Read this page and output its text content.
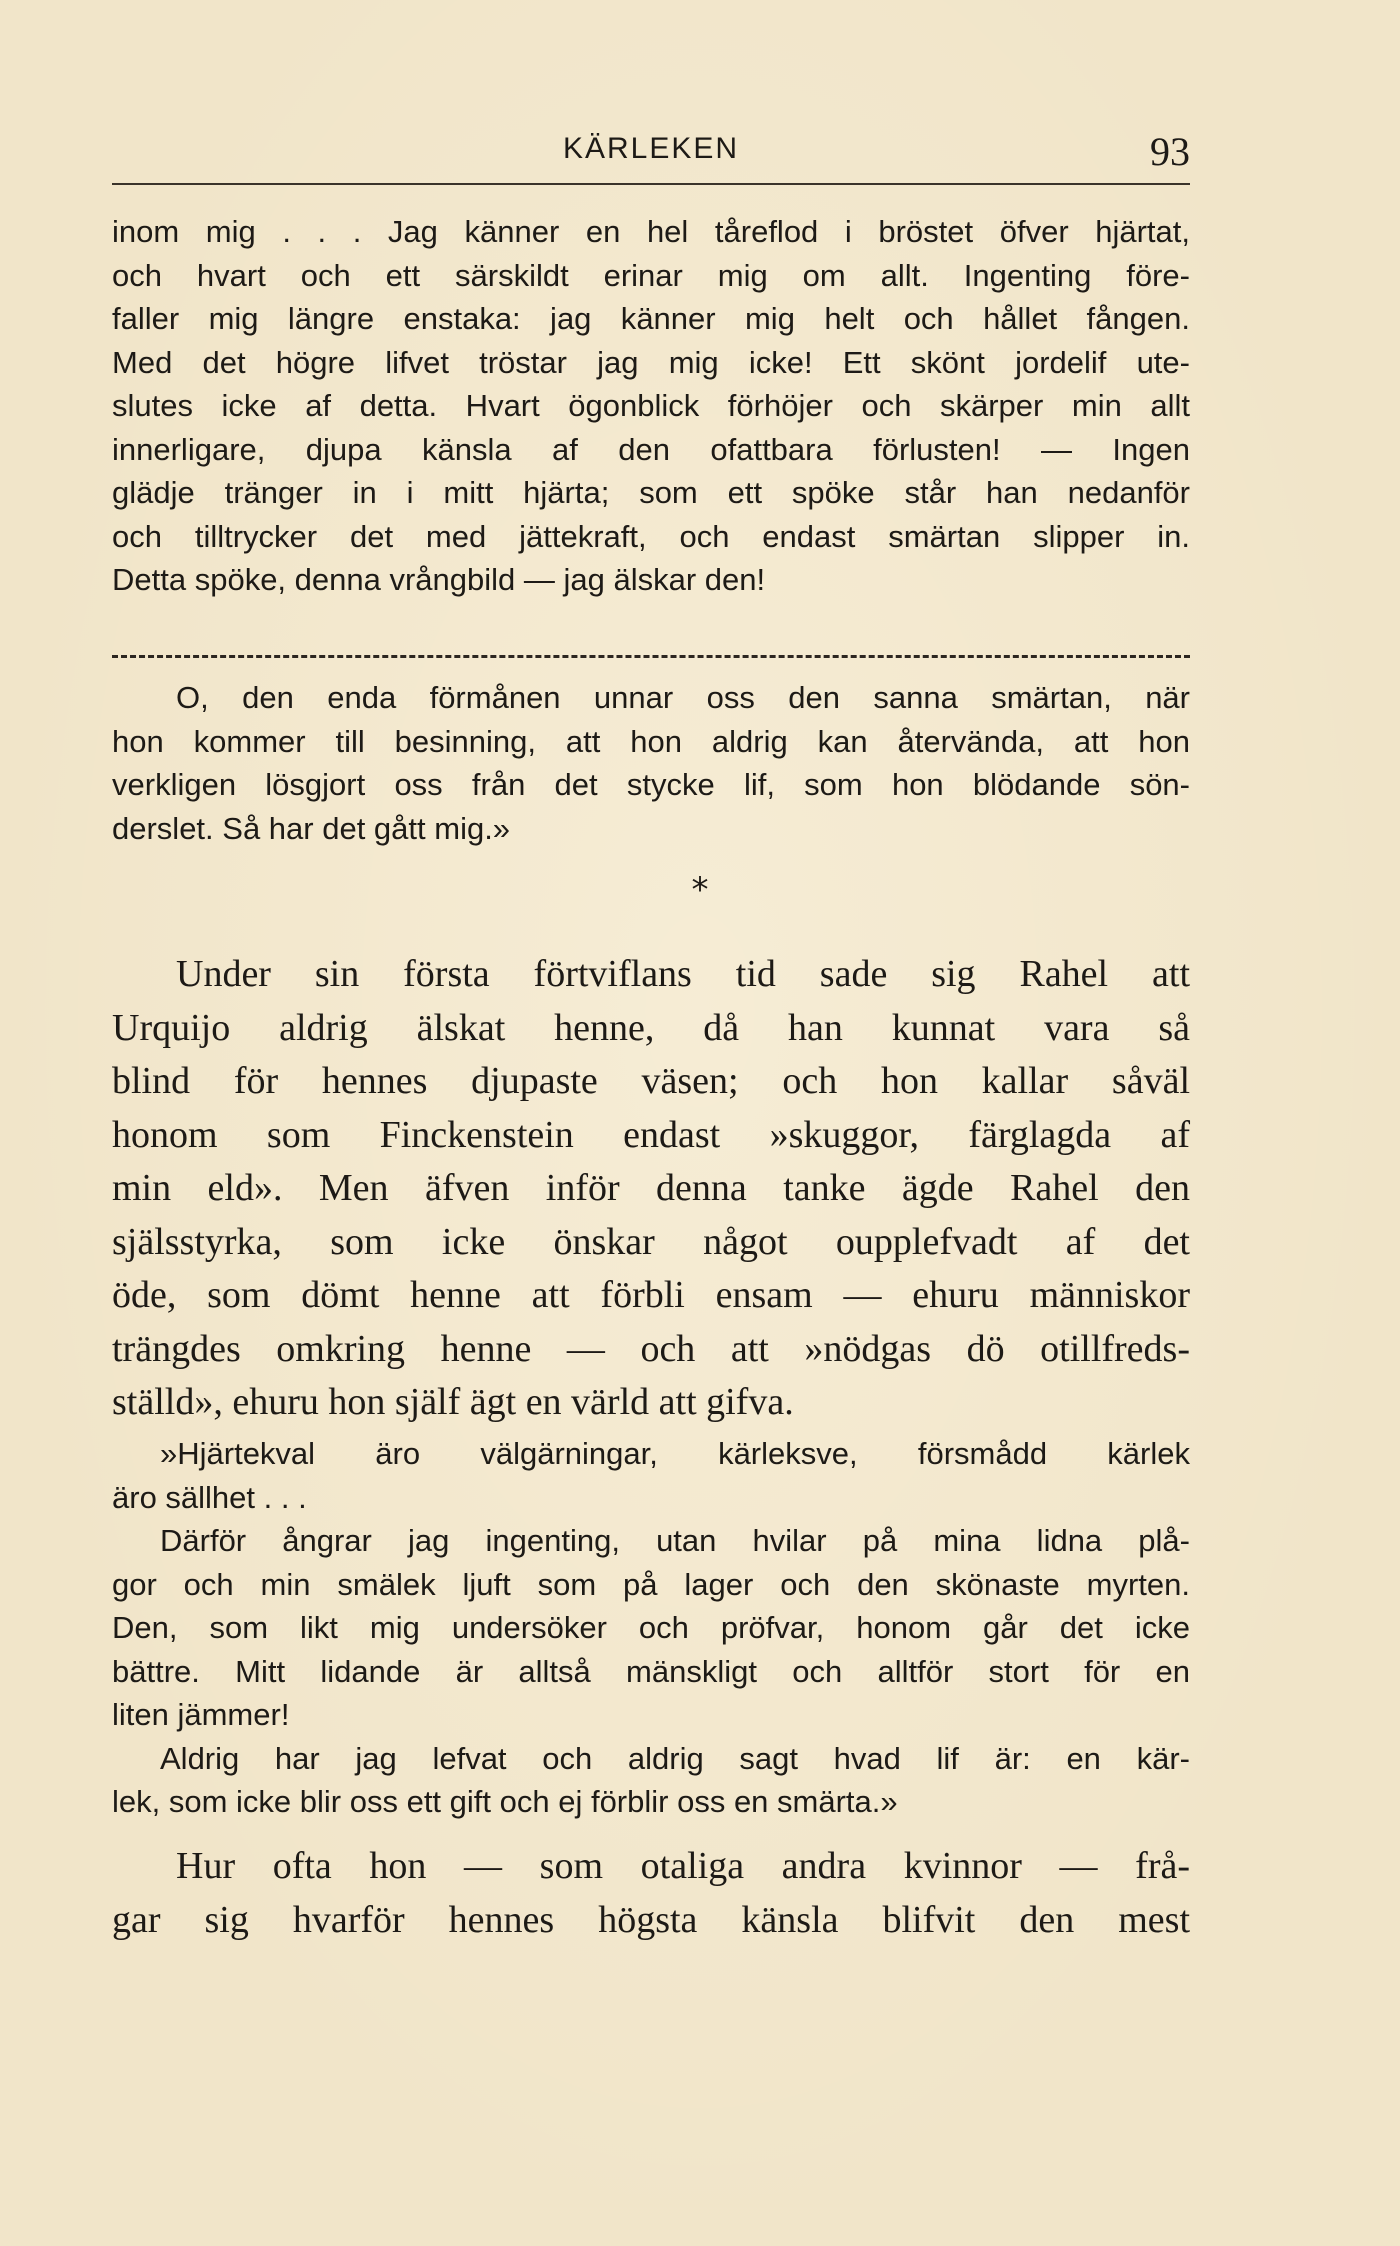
KÄRLEKEN	93
inom mig . . . Jag känner en hel tåreflod i bröstet öfver hjärtat,
och hvart och ett särskildt erinar mig om allt. Ingenting före-
faller mig längre enstaka: jag känner mig helt och hållet fången.
Med det högre lifvet tröstar jag mig icke! Ett skönt jordelif ute-
slutes icke af detta. Hvart ögonblick förhöjer och skärper min allt
innerligare, djupa känsla af den ofattbara förlusten! — Ingen
glädje tränger in i mitt hjärta; som ett spöke står han nedanför
och tilltrycker det med jättekraft, och endast smärtan slipper in.
Detta spöke, denna vrångbild — jag älskar den!
O, den enda förmånen unnar oss den sanna smärtan, när
hon kommer till besinning, att hon aldrig kan återvända, att hon
verkligen lösgjort oss från det stycke lif, som hon blödande sön-
derslet. Så har det gått mig.»
*
Under sin första förtviflans tid sade sig Rahel att
Urquijo aldrig älskat henne, då han kunnat vara så
blind för hennes djupaste väsen; och hon kallar såväl
honom som Finckenstein endast »skuggor, färglagda af
min eld». Men äfven inför denna tanke ägde Rahel den
själsstyrka, som icke önskar något oupplefvadt af det
öde, som dömt henne att förbli ensam — ehuru människor
trängdes omkring henne — och att »nödgas dö otillfreds-
ställd», ehuru hon själf ägt en värld att gifva.
»Hjärtekval äro välgärningar, kärleksve, försmådd kärlek
äro sällhet . . .
Därför ångrar jag ingenting, utan hvilar på mina lidna plå-
gor och min smälek ljuft som på lager och den skönaste myrten.
Den, som likt mig undersöker och pröfvar, honom går det icke
bättre. Mitt lidande är alltså mänskligt och alltför stort för en
liten jämmer!
Aldrig har jag lefvat och aldrig sagt hvad lif är: en kär-
lek, som icke blir oss ett gift och ej förblir oss en smärta.»
Hur ofta hon — som otaliga andra kvinnor — frå-
gar sig hvarför hennes högsta känsla blifvit den mest
